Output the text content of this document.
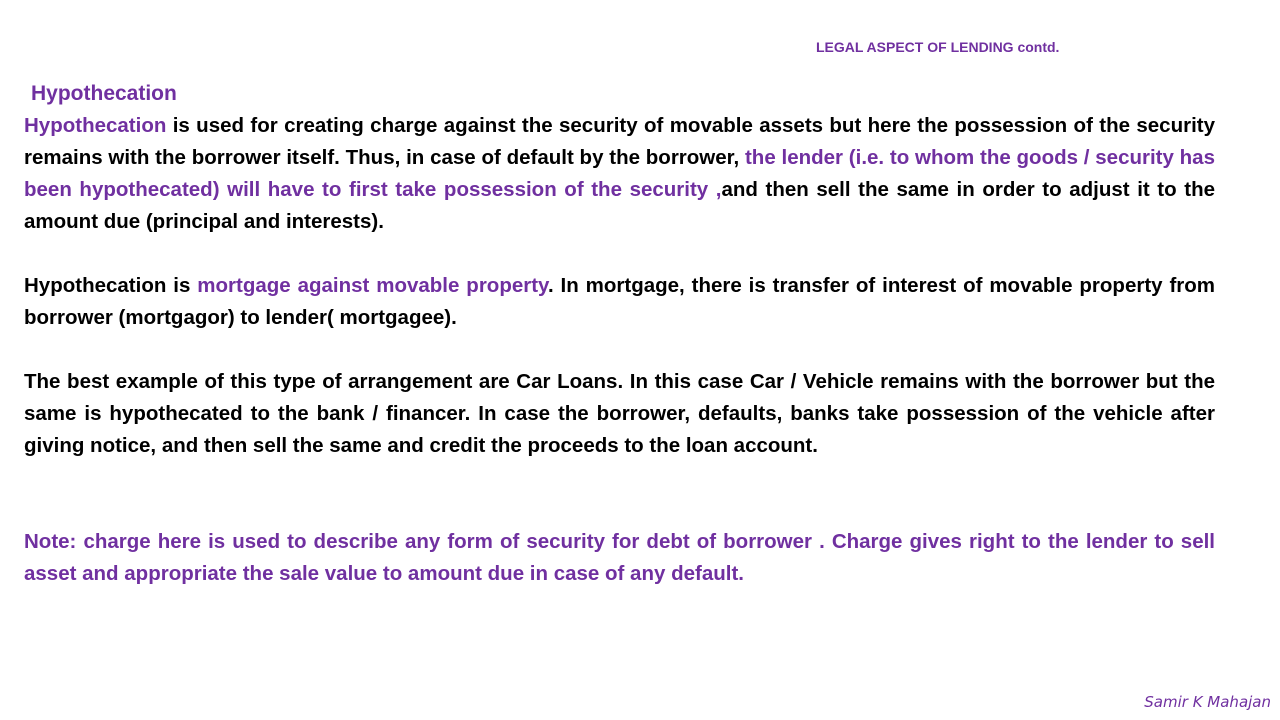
LEGAL ASPECT OF LENDING contd.

Hypothecation

Hypothecation is used for creating charge against the security of movable assets but here the possession of the security remains with the borrower itself. Thus, in case of default by the borrower, the lender (i.e. to whom the goods / security has been hypothecated) will have to first take possession of the security ,and then sell the same in order to adjust it to the amount due (principal and interests).

Hypothecation is mortgage against movable property. In mortgage, there is transfer of interest of movable property from borrower (mortgagor) to lender( mortgagee).

The best example of this type of arrangement are Car Loans. In this case Car / Vehicle remains with the borrower but the same is hypothecated to the bank / financer. In case the borrower, defaults, banks take possession of the vehicle after giving notice, and then sell the same and credit the proceeds to the loan account.

Note: charge here is used to describe any form of security for debt of borrower . Charge gives right to the lender to sell asset and appropriate the sale value to amount due in case of any default.

Samir K Mahajan
